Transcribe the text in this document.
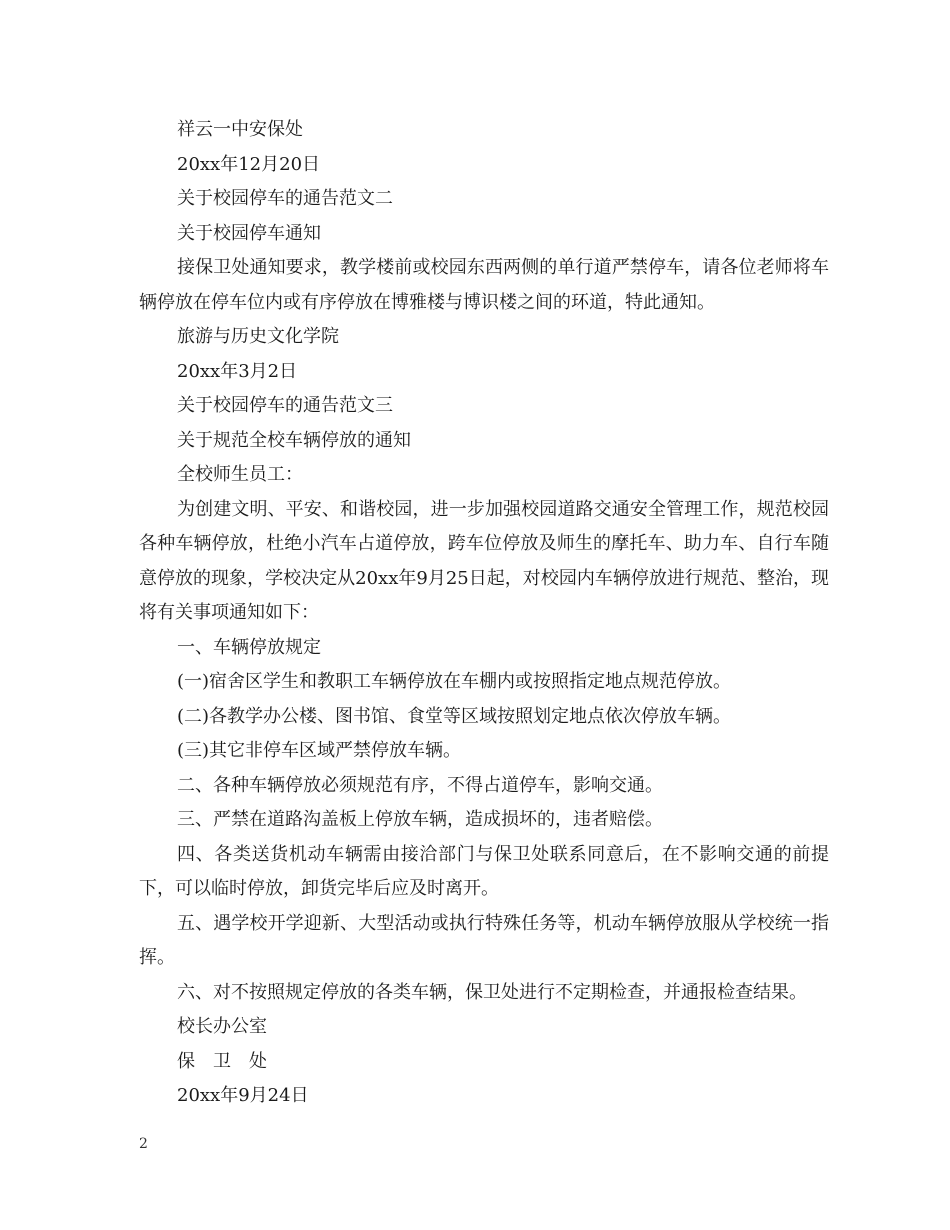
祥云一中安保处

20xx年12月20日

关于校园停车的通告范文二

关于校园停车通知

接保卫处通知要求，教学楼前或校园东西两侧的单行道严禁停车，请各位老师将车辆停放在停车位内或有序停放在博雅楼与博识楼之间的环道，特此通知。

旅游与历史文化学院

20xx年3月2日

关于校园停车的通告范文三

关于规范全校车辆停放的通知

全校师生员工：

为创建文明、平安、和谐校园，进一步加强校园道路交通安全管理工作，规范校园各种车辆停放，杜绝小汽车占道停放，跨车位停放及师生的摩托车、助力车、自行车随意停放的现象，学校决定从20xx年9月25日起，对校园内车辆停放进行规范、整治，现将有关事项通知如下：

一、车辆停放规定

(一)宿舍区学生和教职工车辆停放在车棚内或按照指定地点规范停放。

(二)各教学办公楼、图书馆、食堂等区域按照划定地点依次停放车辆。

(三)其它非停车区域严禁停放车辆。

二、各种车辆停放必须规范有序，不得占道停车，影响交通。

三、严禁在道路沟盖板上停放车辆，造成损坏的，违者赔偿。

四、各类送货机动车辆需由接洽部门与保卫处联系同意后，在不影响交通的前提下，可以临时停放，卸货完毕后应及时离开。

五、遇学校开学迎新、大型活动或执行特殊任务等，机动车辆停放服从学校统一指挥。

六、对不按照规定停放的各类车辆，保卫处进行不定期检查，并通报检查结果。

校长办公室

保　卫　处

20xx年9月24日

2
